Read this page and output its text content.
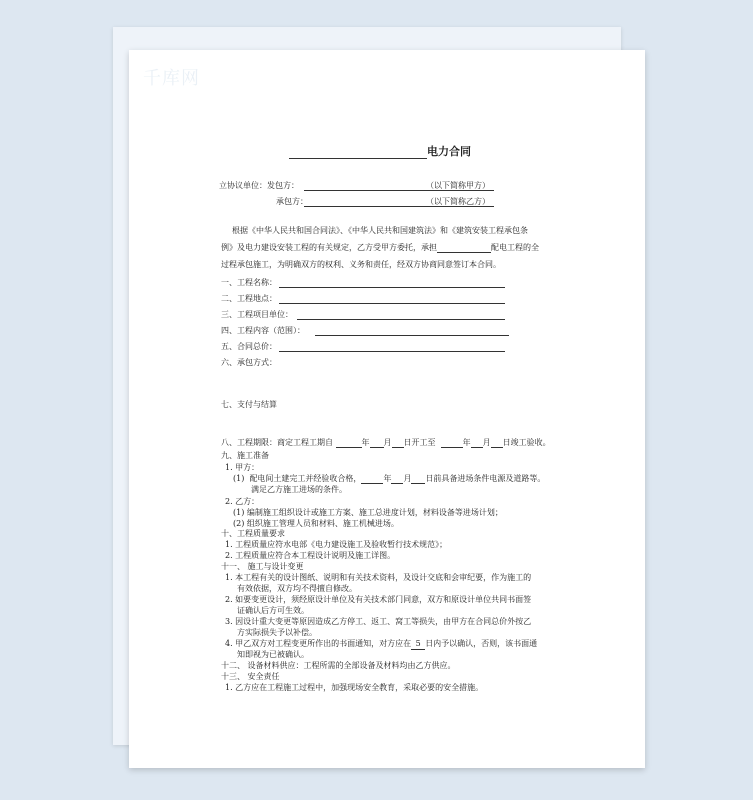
千库网
电力合同
立协议单位：发包方：	（以下简称甲方）
承包方：	（以下简称乙方）
根据《中华人民共和国合同法》、《中华人民共和国建筑法》和《建筑安装工程承包条
例》及电力建设安装工程的有关规定，乙方受甲方委托，承担	配电工程的全
过程承包施工，为明确双方的权利、义务和责任，经双方协商同意签订本合同。
一、工程名称：
二、工程地点：
三、工程项目单位：
四、工程内容（范围）：
五、合同总价：
六、承包方式：
七、支付与结算
八、工程期限：商定工程工期自	年 月 日开工至	年 月 日竣工验收。
九、施工准备
1. 甲方：
(1) 配电间土建完工并经验收合格，	年 月 日前具备进场条件电源及道路等。
满足乙方施工进场的条件。
2. 乙方：
(1) 编制施工组织设计或施工方案、施工总进度计划，材料设备等进场计划；
(2) 组织施工管理人员和材料、施工机械进场。
十、工程质量要求
1. 工程质量应符水电部《电力建设施工及验收暂行技术规范》；
2. 工程质量应符合本工程设计说明及施工详图。
十一、 施工与设计变更
1. 本工程有关的设计图纸、说明和有关技术资料，及设计交底和会审纪要，作为施工的
有效依据，双方均不得擅自修改。
2. 如要变更设计，须经原设计单位及有关技术部门同意，双方和原设计单位共同书面签
证确认后方可生效。
3. 因设计重大变更等原因造成乙方停工、返工、窝工等损失，由甲方在合同总价外按乙
方实际损失予以补偿。
4. 甲乙双方对工程变更所作出的书面通知，对方应在 5 日内予以确认，否则，该书面通
知即视为已被确认。
十二、 设备材料供应：工程所需的全部设备及材料均由乙方供应。
十三、 安全责任
1. 乙方应在工程施工过程中，加强现场安全教育，采取必要的安全措施。
